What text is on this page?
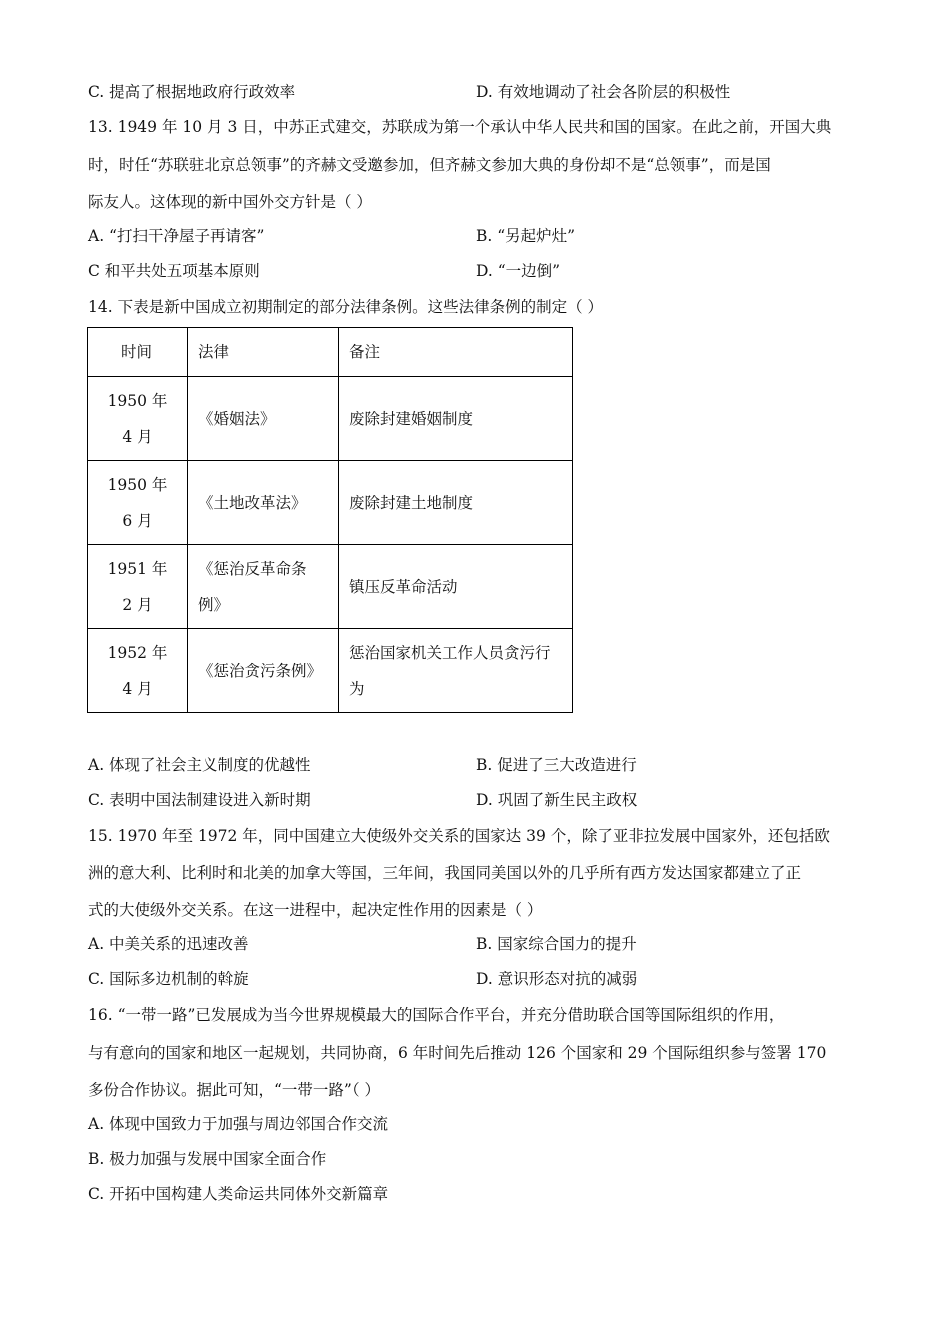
C. 提高了根据地政府行政效率	D. 有效地调动了社会各阶层的积极性
13. 1949 年 10 月 3 日，中苏正式建交，苏联成为第一个承认中华人民共和国的国家。在此之前，开国大典
时，时任“苏联驻北京总领事”的齐赫文受邀参加，但齐赫文参加大典的身份却不是“总领事”，而是国
际友人。这体现的新中国外交方针是（ ）
A. “打扫干净屋子再请客”	B. “另起炉灶”
C 和平共处五项基本原则	D. “一边倒”
14. 下表是新中国成立初期制定的部分法律条例。这些法律条例的制定（ ）
时间	法律	备注
1950 年 4 月	《婚姻法》	废除封建婚姻制度
1950 年 6 月	《土地改革法》	废除封建土地制度
1951 年 2 月	《惩治反革命条例》	镇压反革命活动
1952 年 4 月	《惩治贪污条例》	惩治国家机关工作人员贪污行为
A. 体现了社会主义制度的优越性	B. 促进了三大改造进行
C. 表明中国法制建设进入新时期	D. 巩固了新生民主政权
15. 1970 年至 1972 年，同中国建立大使级外交关系的国家达 39 个，除了亚非拉发展中国家外，还包括欧
洲的意大利、比利时和北美的加拿大等国，三年间，我国同美国以外的几乎所有西方发达国家都建立了正
式的大使级外交关系。在这一进程中，起决定性作用的因素是（ ）
A. 中美关系的迅速改善	B. 国家综合国力的提升
C. 国际多边机制的斡旋	D. 意识形态对抗的减弱
16. “一带一路”已发展成为当今世界规模最大的国际合作平台，并充分借助联合国等国际组织的作用，
与有意向的国家和地区一起规划，共同协商，6 年时间先后推动 126 个国家和 29 个国际组织参与签署 170
多份合作协议。据此可知，“一带一路”（ ）
A. 体现中国致力于加强与周边邻国合作交流
B. 极力加强与发展中国家全面合作
C. 开拓中国构建人类命运共同体外交新篇章
